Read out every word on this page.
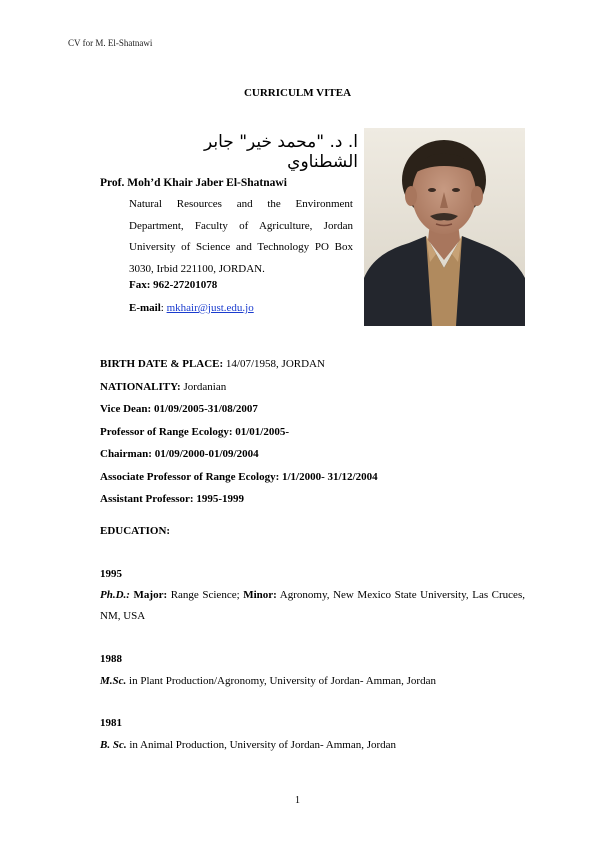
CV for M. El-Shatnawi
CURRICULM VITEA
ا. د. "محمد خير" جابر الشطناوي
Prof. Moh’d Khair Jaber El-Shatnawi

Natural Resources and the Environment Department, Faculty of Agriculture, Jordan University of Science and Technology PO Box 3030, Irbid 221100, JORDAN.

Fax: 962-27201078
E-mail: mkhair@just.edu.jo
BIRTH DATE & PLACE: 14/07/1958, JORDAN
NATIONALITY: Jordanian
Vice Dean: 01/09/2005-31/08/2007
Professor of Range Ecology: 01/01/2005-
Chairman: 01/09/2000-01/09/2004
Associate Professor of Range Ecology: 1/1/2000- 31/12/2004
Assistant Professor: 1995-1999
EDUCATION:
1995
Ph.D.: Major: Range Science; Minor: Agronomy, New Mexico State University, Las Cruces, NM, USA
1988
M.Sc. in Plant Production/Agronomy, University of Jordan- Amman, Jordan
1981
B. Sc. in Animal Production, University of Jordan- Amman, Jordan
1
